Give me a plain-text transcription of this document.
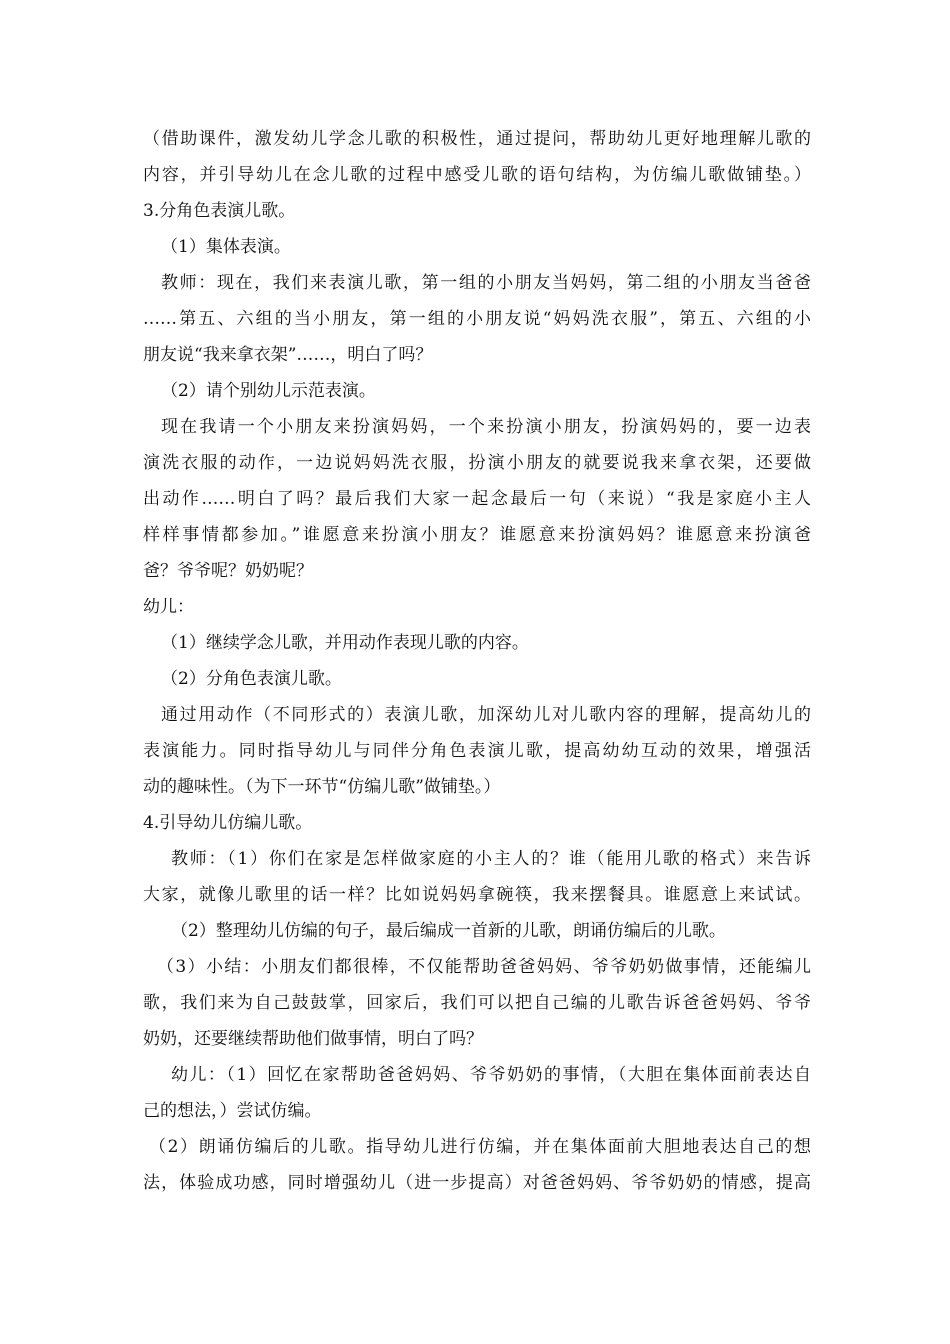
（借助课件，激发幼儿学念儿歌的积极性，通过提问，帮助幼儿更好地理解儿歌的
内容，并引导幼儿在念儿歌的过程中感受儿歌的语句结构，为仿编儿歌做铺垫。）
3.分角色表演儿歌。
（1）集体表演。
教师：现在，我们来表演儿歌，第一组的小朋友当妈妈，第二组的小朋友当爸爸
……第五、六组的当小朋友，第一组的小朋友说“妈妈洗衣服”，第五、六组的小
朋友说“我来拿衣架”……，明白了吗？
（2）请个别幼儿示范表演。
现在我请一个小朋友来扮演妈妈，一个来扮演小朋友，扮演妈妈的，要一边表
演洗衣服的动作，一边说妈妈洗衣服，扮演小朋友的就要说我来拿衣架，还要做
出动作……明白了吗？最后我们大家一起念最后一句（来说）“我是家庭小主人
样样事情都参加。”谁愿意来扮演小朋友？谁愿意来扮演妈妈？谁愿意来扮演爸
爸？爷爷呢？奶奶呢？
幼儿：
（1）继续学念儿歌，并用动作表现儿歌的内容。
（2）分角色表演儿歌。
通过用动作（不同形式的）表演儿歌，加深幼儿对儿歌内容的理解，提高幼儿的
表演能力。同时指导幼儿与同伴分角色表演儿歌，提高幼幼互动的效果，增强活
动的趣味性。（为下一环节“仿编儿歌”做铺垫。）
4.引导幼儿仿编儿歌。
教师：（1）你们在家是怎样做家庭的小主人的？谁（能用儿歌的格式）来告诉
大家，就像儿歌里的话一样？比如说妈妈拿碗筷，我来摆餐具。谁愿意上来试试。
（2）整理幼儿仿编的句子，最后编成一首新的儿歌，朗诵仿编后的儿歌。
（3）小结：小朋友们都很棒，不仅能帮助爸爸妈妈、爷爷奶奶做事情，还能编儿
歌，我们来为自己鼓鼓掌，回家后，我们可以把自己编的儿歌告诉爸爸妈妈、爷爷
奶奶，还要继续帮助他们做事情，明白了吗？
幼儿：（1）回忆在家帮助爸爸妈妈、爷爷奶奶的事情，（大胆在集体面前表达自
己的想法，）尝试仿编。
（2）朗诵仿编后的儿歌。指导幼儿进行仿编，并在集体面前大胆地表达自己的想
法，体验成功感，同时增强幼儿（进一步提高）对爸爸妈妈、爷爷奶奶的情感，提高
